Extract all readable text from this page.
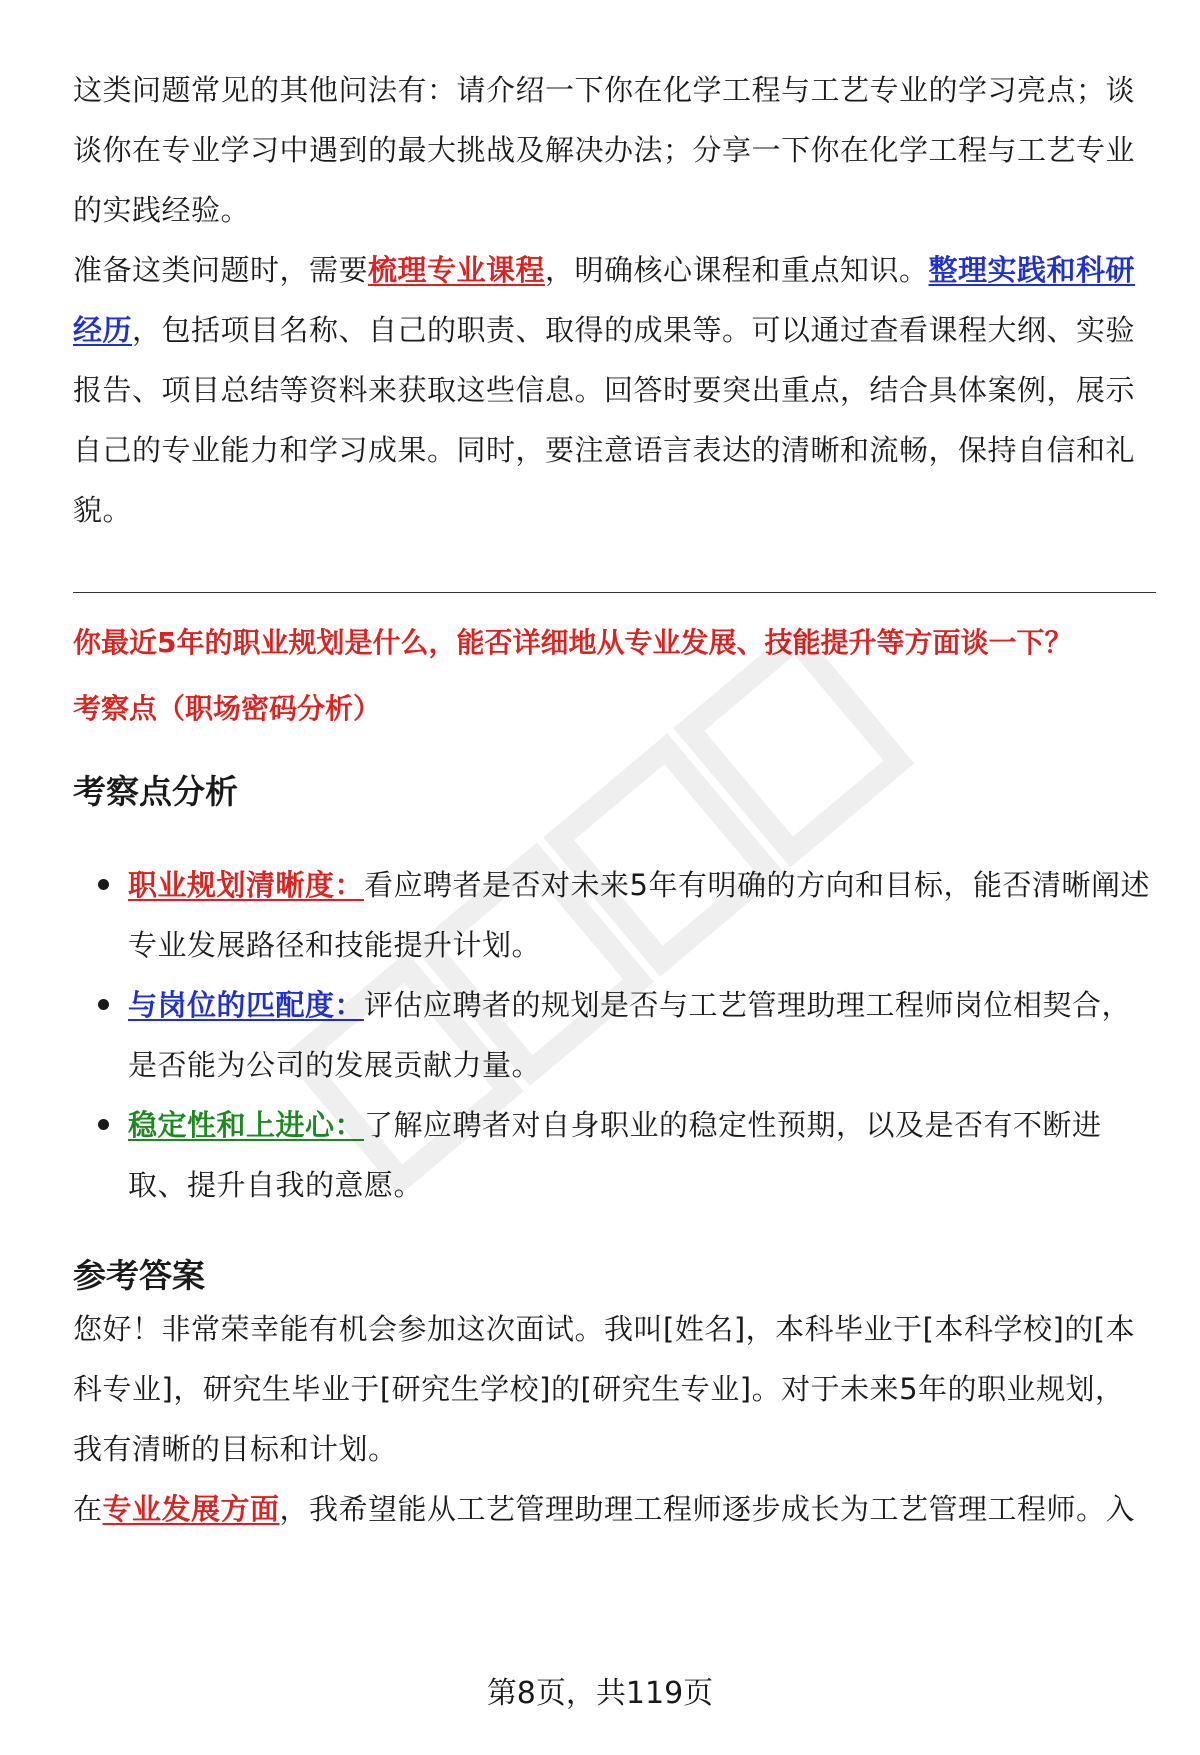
这类问题常见的其他问法有：请介绍一下你在化学工程与工艺专业的学习亮点；谈谈你在专业学习中遇到的最大挑战及解决办法；分享一下你在化学工程与工艺专业的实践经验。

准备这类问题时，需要梳理专业课程，明确核心课程和重点知识。整理实践和科研经历，包括项目名称、自己的职责、取得的成果等。可以通过查看课程大纲、实验报告、项目总结等资料来获取这些信息。回答时要突出重点，结合具体案例，展示自己的专业能力和学习成果。同时，要注意语言表达的清晰和流畅，保持自信和礼貌。

你最近5年的职业规划是什么，能否详细地从专业发展、技能提升等方面谈一下？
考察点（职场密码分析）
考察点分析
职业规划清晰度：看应聘者是否对未来5年有明确的方向和目标，能否清晰阐述专业发展路径和技能提升计划。
与岗位的匹配度：评估应聘者的规划是否与工艺管理助理工程师岗位相契合，是否能为公司的发展贡献力量。
稳定性和上进心：了解应聘者对自身职业的稳定性预期，以及是否有不断进取、提升自我的意愿。
参考答案

您好！非常荣幸能有机会参加这次面试。我叫[姓名]，本科毕业于[本科学校]的[本科专业]，研究生毕业于[研究生学校]的[研究生专业]。对于未来5年的职业规划，我有清晰的目标和计划。

在专业发展方面，我希望能从工艺管理助理工程师逐步成长为工艺管理工程师。入

第8页，共119页
